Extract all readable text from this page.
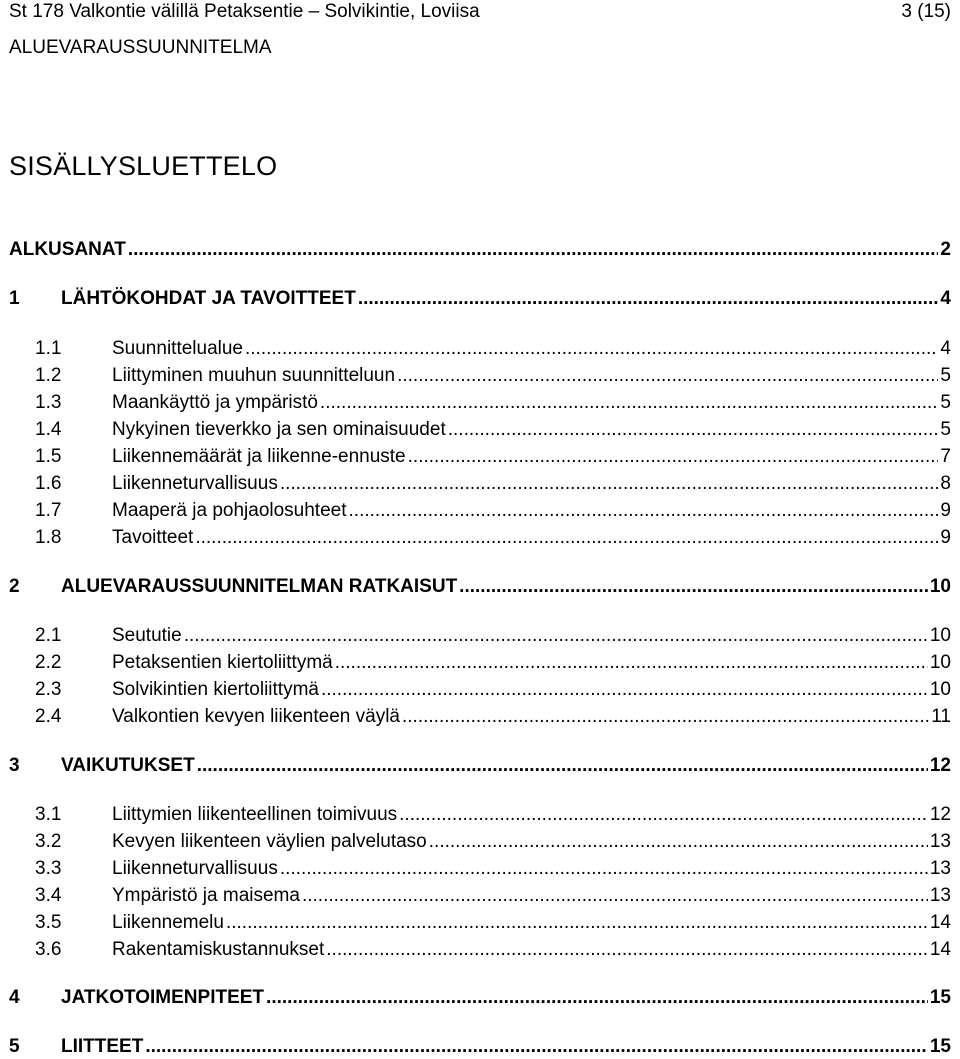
St 178 Valkontie välillä Petaksentie – Solvikintie, Loviisa	3 (15)
ALUEVARAUSSUUNNITELMA
SISÄLLYSLUETTELO
ALKUSANAT .....	2
1	LÄHTÖKOHDAT JA TAVOITTEET .....	4
1.1	Suunnittelualue .....	4
1.2	Liittyminen muuhun suunnitteluun .....	5
1.3	Maankäyttö ja ympäristö .....	5
1.4	Nykyinen tieverkko ja sen ominaisuudet .....	5
1.5	Liikennemäärät ja liikenne-ennuste .....	7
1.6	Liikenneturvallisuus .....	8
1.7	Maaperä ja pohjaolosuhteet .....	9
1.8	Tavoitteet .....	9
2	ALUEVARAUSSUUNNITELMAN RATKAISUT .....	10
2.1	Seututie .....	10
2.2	Petaksentien kiertoliittymä .....	10
2.3	Solvikintien kiertoliittymä .....	10
2.4	Valkontien kevyen liikenteen väylä .....	11
3	VAIKUTUKSET .....	12
3.1	Liittymien liikenteellinen toimivuus .....	12
3.2	Kevyen liikenteen väylien palvelutaso .....	13
3.3	Liikenneturvallisuus .....	13
3.4	Ympäristö ja maisema .....	13
3.5	Liikennemelu .....	14
3.6	Rakentamiskustannukset .....	14
4	JATKOTOIMENPITEET .....	15
5	LIITTEET .....	15
